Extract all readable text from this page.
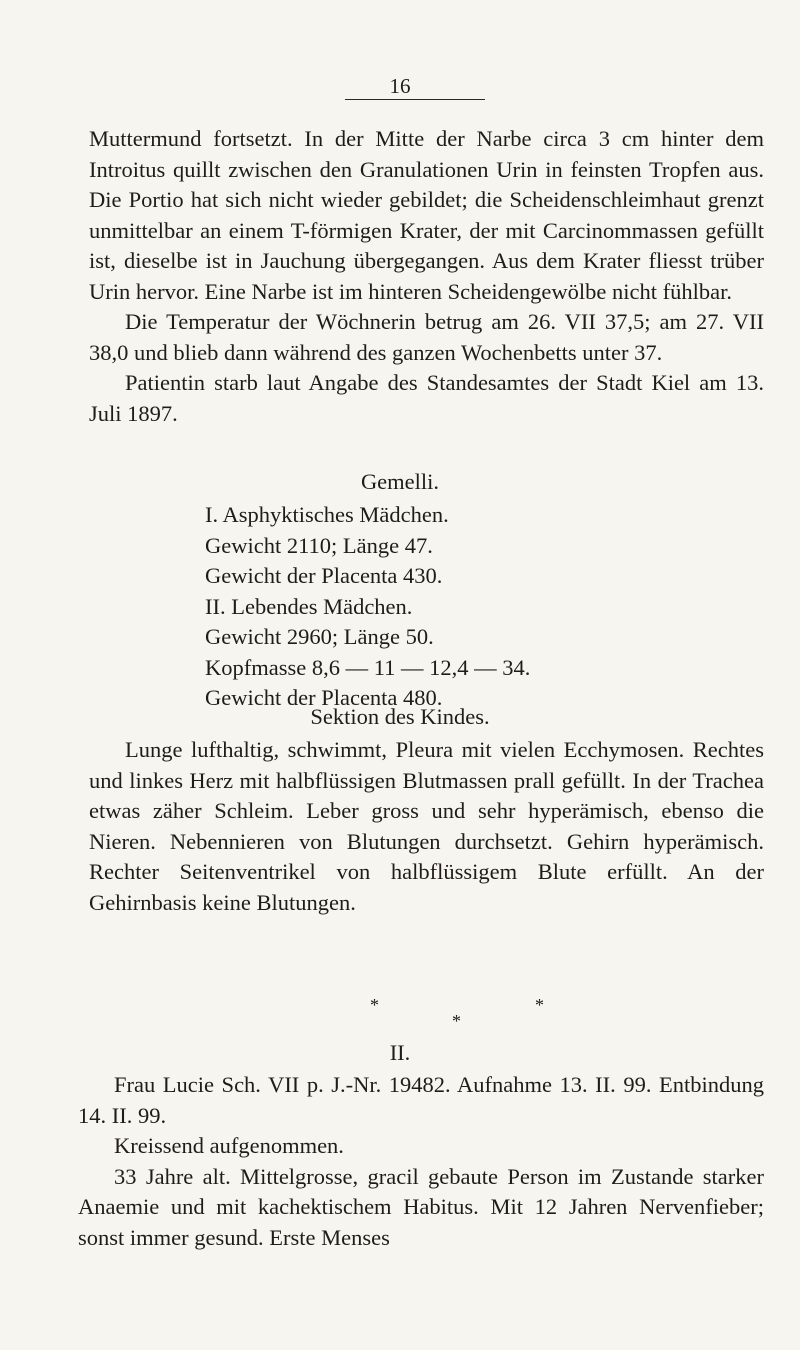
16

Muttermund fortsetzt. In der Mitte der Narbe circa 3 cm hinter dem Introitus quillt zwischen den Granulationen Urin in feinsten Tropfen aus. Die Portio hat sich nicht wieder gebildet; die Scheidenschleimhaut grenzt unmittelbar an einem T-förmigen Krater, der mit Carcinommassen gefüllt ist, dieselbe ist in Jauchung übergegangen. Aus dem Krater fliesst trüber Urin hervor. Eine Narbe ist im hinteren Scheidengewölbe nicht fühlbar.

Die Temperatur der Wöchnerin betrug am 26. VII 37,5; am 27. VII 38,0 und blieb dann während des ganzen Wochenbetts unter 37.

Patientin starb laut Angabe des Standesamtes der Stadt Kiel am 13. Juli 1897.

Gemelli.
I. Asphyktisches Mädchen.
Gewicht 2110; Länge 47.
Gewicht der Placenta 430.
II. Lebendes Mädchen.
Gewicht 2960; Länge 50.
Kopfmasse 8,6 — 11 — 12,4 — 34.
Gewicht der Placenta 480.
Sektion des Kindes.

Lunge lufthaltig, schwimmt, Pleura mit vielen Ecchymosen. Rechtes und linkes Herz mit halbflüssigen Blutmassen prall gefüllt. In der Trachea etwas zäher Schleim. Leber gross und sehr hyperämisch, ebenso die Nieren. Nebennieren von Blutungen durchsetzt. Gehirn hyperämisch. Rechter Seitenventrikel von halbflüssigem Blute erfüllt. An der Gehirnbasis keine Blutungen.

*	*
*
II.

Frau Lucie Sch. VII p. J.-Nr. 19482. Aufnahme 13. II. 99. Entbindung 14. II. 99.

Kreissend aufgenommen.

33 Jahre alt. Mittelgrosse, gracil gebaute Person im Zustande starker Anaemie und mit kachektischem Habitus. Mit 12 Jahren Nervenfieber; sonst immer gesund. Erste Menses
